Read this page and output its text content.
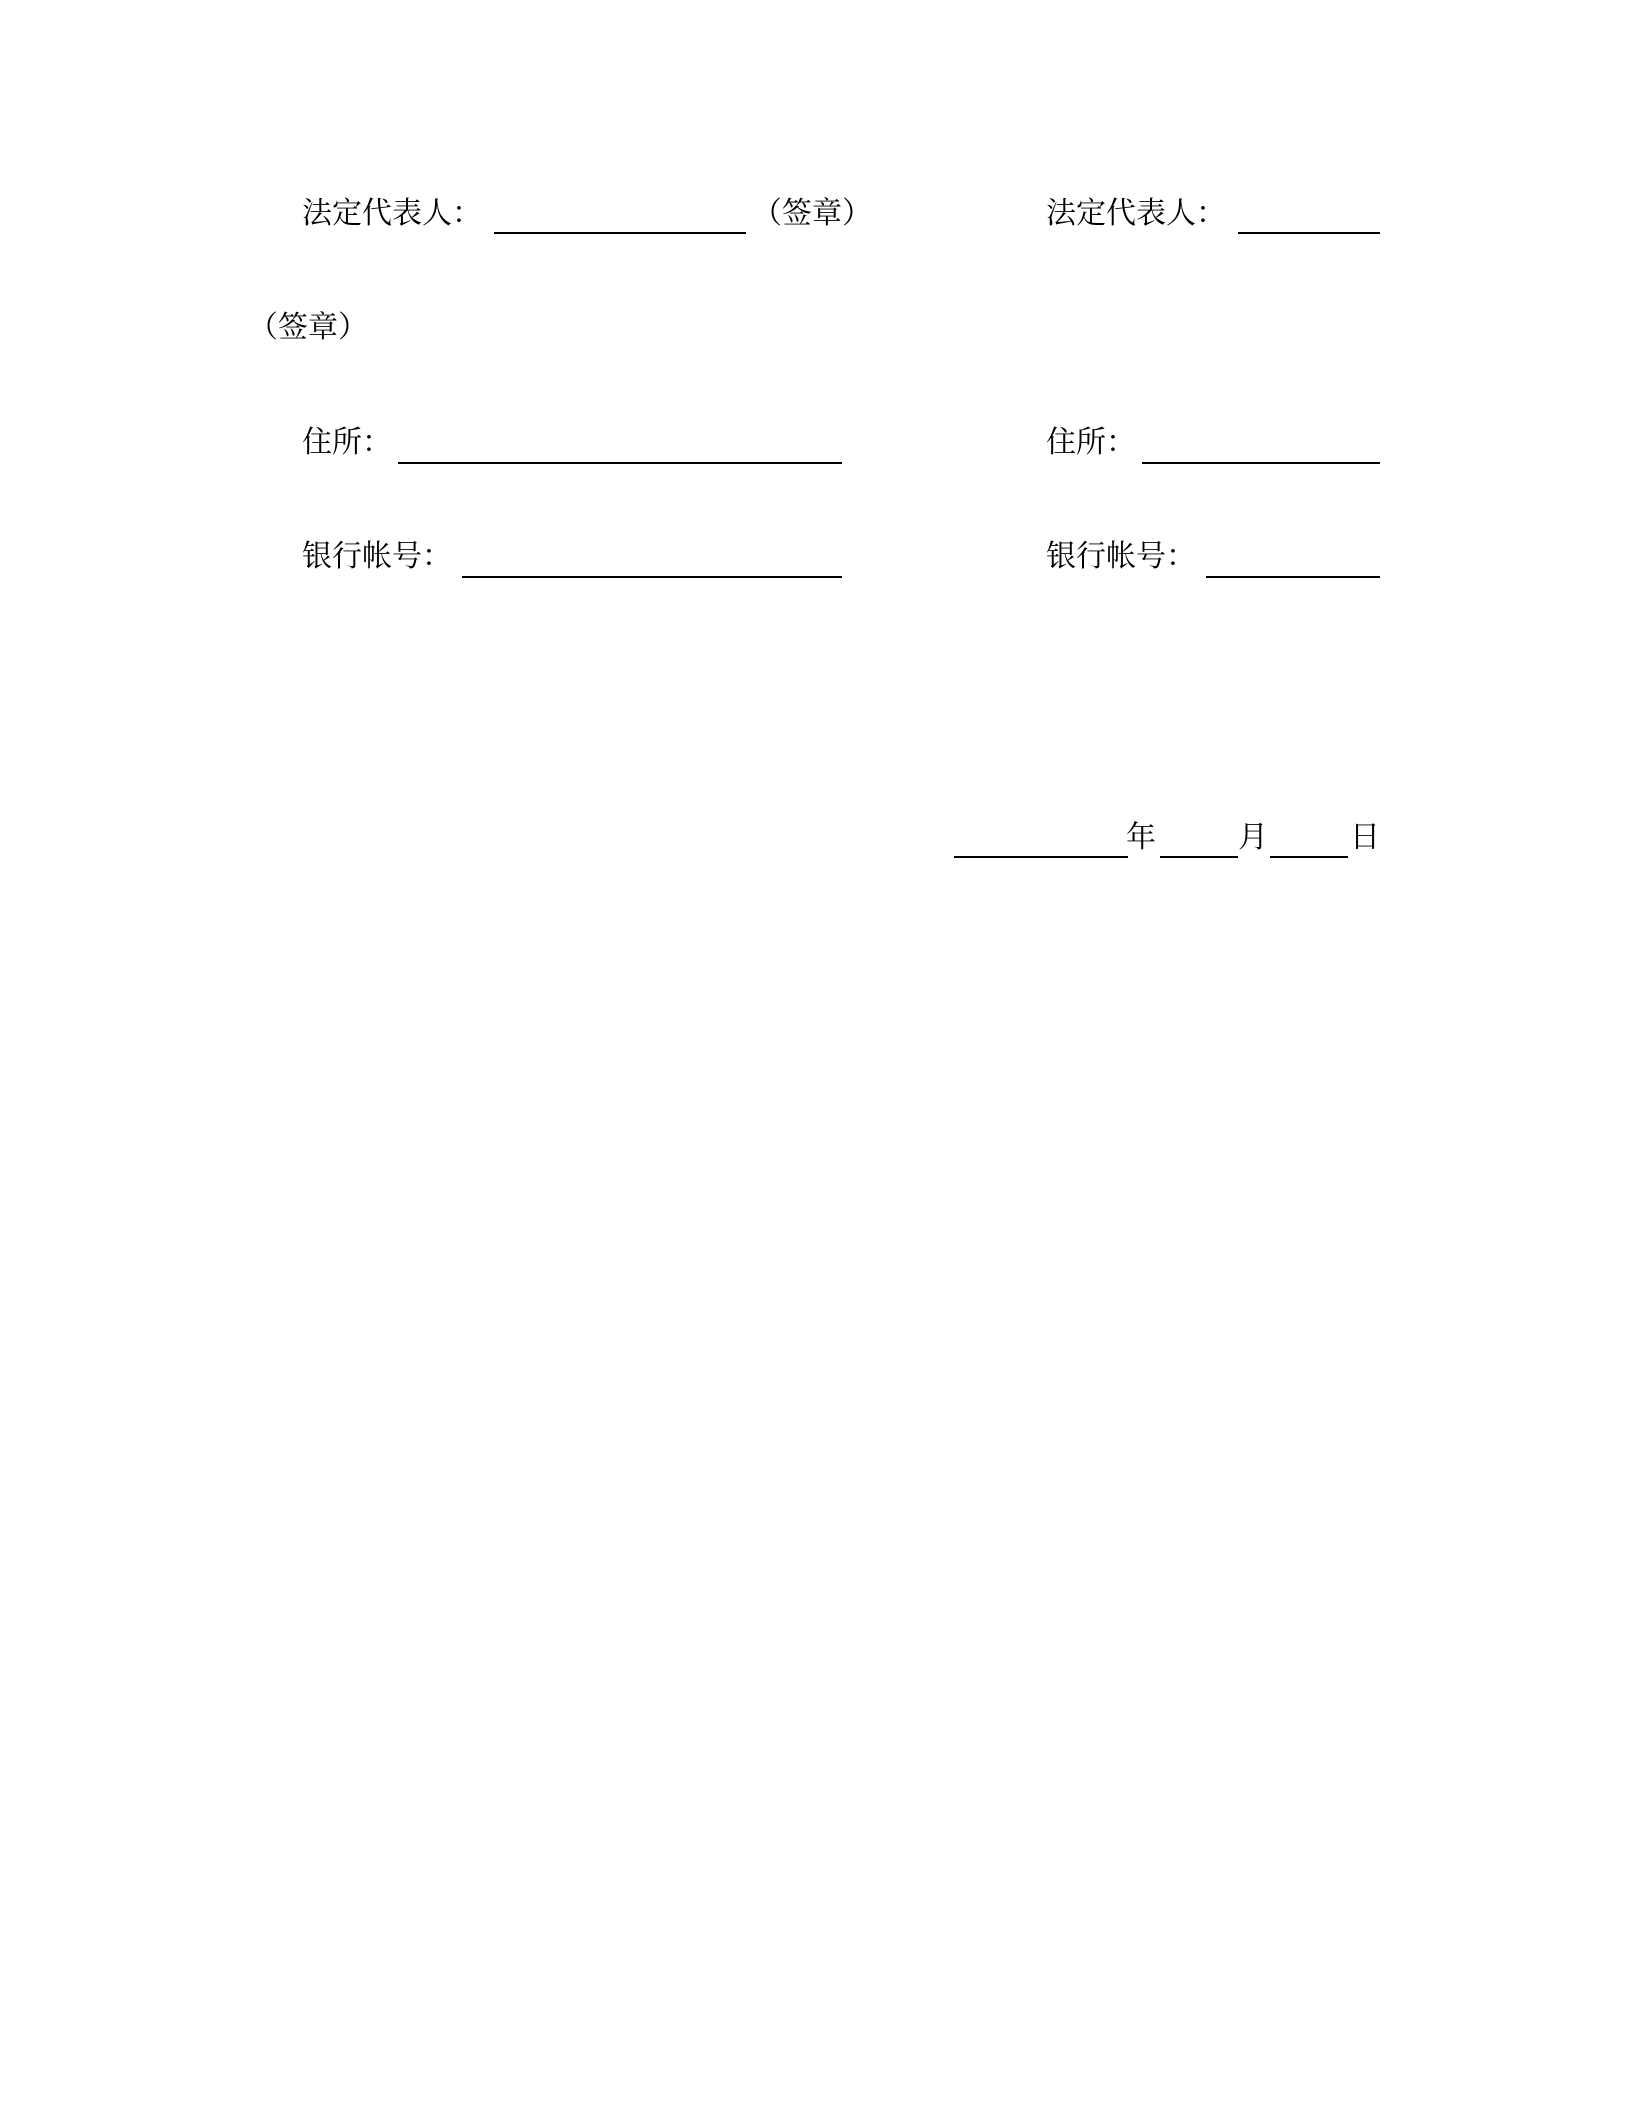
法定代表人：	（签章）	法定代表人：
（签章）
住所：	住所：
银行帐号：	银行帐号：
年	月	日
